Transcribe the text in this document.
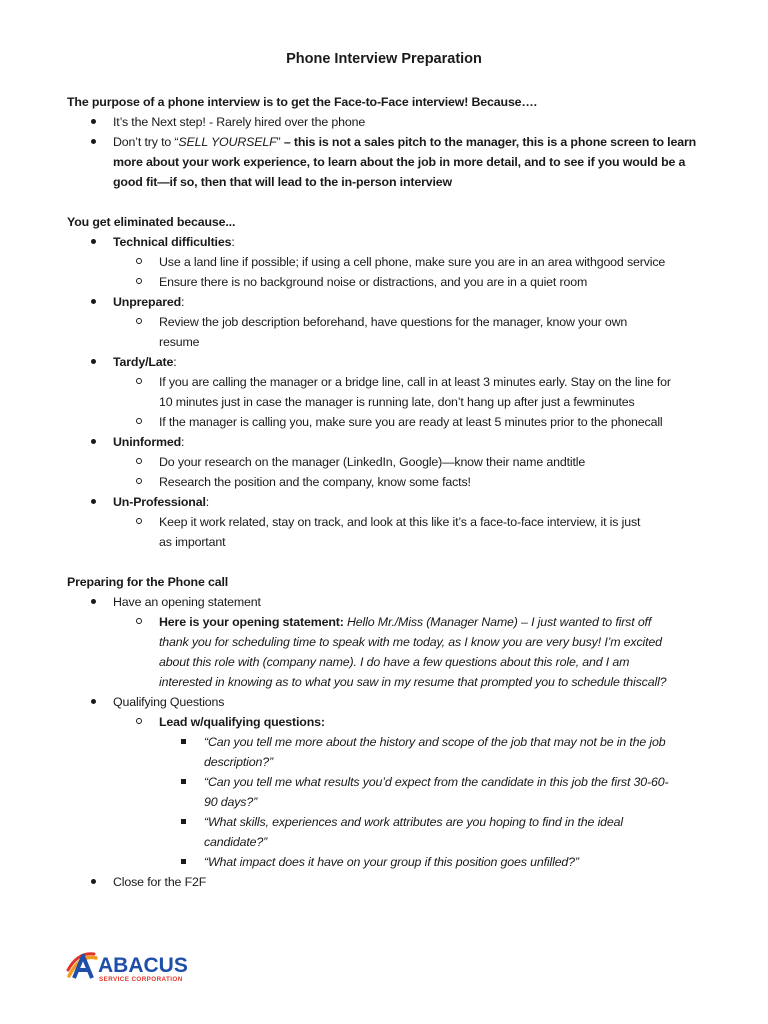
Phone Interview Preparation
The purpose of a phone interview is to get the Face-to-Face interview! Because….
It’s the Next step! - Rarely hired over the phone
Don’t try to “SELL YOURSELF” – this is not a sales pitch to the manager, this is a phone screen to learn
more about your work experience, to learn about the job in more detail, and to see if you would be a
good fit—if so, then that will lead to the in-person interview
You get eliminated because...
Technical difficulties:
Use a land line if possible; if using a cell phone, make sure you are in an area withgood service
Ensure there is no background noise or distractions, and you are in a quiet room
Unprepared:
Review the job description beforehand, have questions for the manager, know your own
resume
Tardy/Late:
If you are calling the manager or a bridge line, call in at least 3 minutes early. Stay on the line for
10 minutes just in case the manager is running late, don’t hang up after just a fewminutes
If the manager is calling you, make sure you are ready at least 5 minutes prior to the phonecall
Uninformed:
Do your research on the manager (LinkedIn, Google)—know their name andtitle
Research the position and the company, know some facts!
Un-Professional:
Keep it work related, stay on track, and look at this like it’s a face-to-face interview, it is just
as important
Preparing for the Phone call
Have an opening statement
Here is your opening statement: Hello Mr./Miss (Manager Name) – I just wanted to first off
thank you for scheduling time to speak with me today, as I know you are very busy! I’m excited
about this role with (company name). I do have a few questions about this role, and I am
interested in knowing as to what you saw in my resume that prompted you to schedule thiscall?
Qualifying Questions
Lead w/qualifying questions:
“Can you tell me more about the history and scope of the job that may not be in the job
description?”
“Can you tell me what results you’d expect from the candidate in this job the first 30-60-
90 days?”
“What skills, experiences and work attributes are you hoping to find in the ideal
candidate?”
“What impact does it have on your group if this position goes unfilled?”
Close for the F2F
ABACUS
SERVICE CORPORATION
